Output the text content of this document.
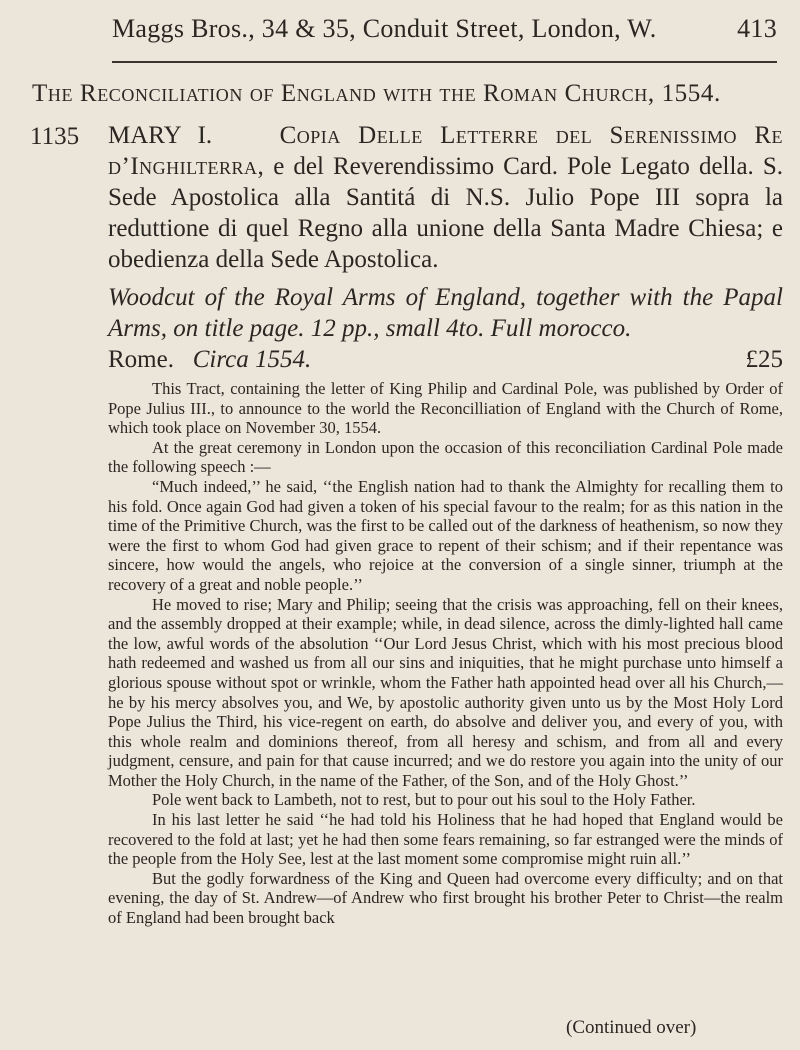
Maggs Bros., 34 & 35, Conduit Street, London, W.	413
The Reconciliation of England with the Roman Church, 1554.
1135 MARY I.	Copia Delle Letterre del Serenissimo Re d’Inghilterra, e del Reverendissimo Card. Pole Legato della. S. Sede Apostolica alla Santitá di N.S. Julio Pope III sopra la reduttione di quel Regno alla unione della Santa Madre Chiesa; e obedienza della Sede Apostolica.
Woodcut of the Royal Arms of England, together with the Papal Arms, on title page. 12 pp., small 4to. Full morocco.
Rome. Circa 1554.	£25

This Tract, containing the letter of King Philip and Cardinal Pole, was published by Order of Pope Julius III., to announce to the world the Reconcilliation of England with the Church of Rome, which took place on November 30, 1554.

At the great ceremony in London upon the occasion of this reconciliation Cardinal Pole made the following speech :—

“Much indeed,’’ he said, ‘‘the English nation had to thank the Almighty for recalling them to his fold. Once again God had given a token of his special favour to the realm; for as this nation in the time of the Primitive Church, was the first to be called out of the darkness of heathenism, so now they were the first to whom God had given grace to repent of their schism; and if their repentance was sincere, how would the angels, who rejoice at the conversion of a single sinner, triumph at the recovery of a great and noble people.’’

He moved to rise; Mary and Philip; seeing that the crisis was approaching, fell on their knees, and the assembly dropped at their example; while, in dead silence, across the dimly-lighted hall came the low, awful words of the absolution ‘‘Our Lord Jesus Christ, which with his most precious blood hath redeemed and washed us from all our sins and iniquities, that he might purchase unto himself a glorious spouse without spot or wrinkle, whom the Father hath appointed head over all his Church,—he by his mercy absolves you, and We, by apostolic authority given unto us by the Most Holy Lord Pope Julius the Third, his vice-regent on earth, do absolve and deliver you, and every of you, with this whole realm and dominions thereof, from all heresy and schism, and from all and every judgment, censure, and pain for that cause incurred; and we do restore you again into the unity of our Mother the Holy Church, in the name of the Father, of the Son, and of the Holy Ghost.’’

Pole went back to Lambeth, not to rest, but to pour out his soul to the Holy Father.

In his last letter he said ‘‘he had told his Holiness that he had hoped that England would be recovered to the fold at last; yet he had then some fears remaining, so far estranged were the minds of the people from the Holy See, lest at the last moment some compromise might ruin all.’’

But the godly forwardness of the King and Queen had overcome every difficulty; and on that evening, the day of St. Andrew—of Andrew who first brought his brother Peter to Christ—the realm of England had been brought back

(Continued over)
